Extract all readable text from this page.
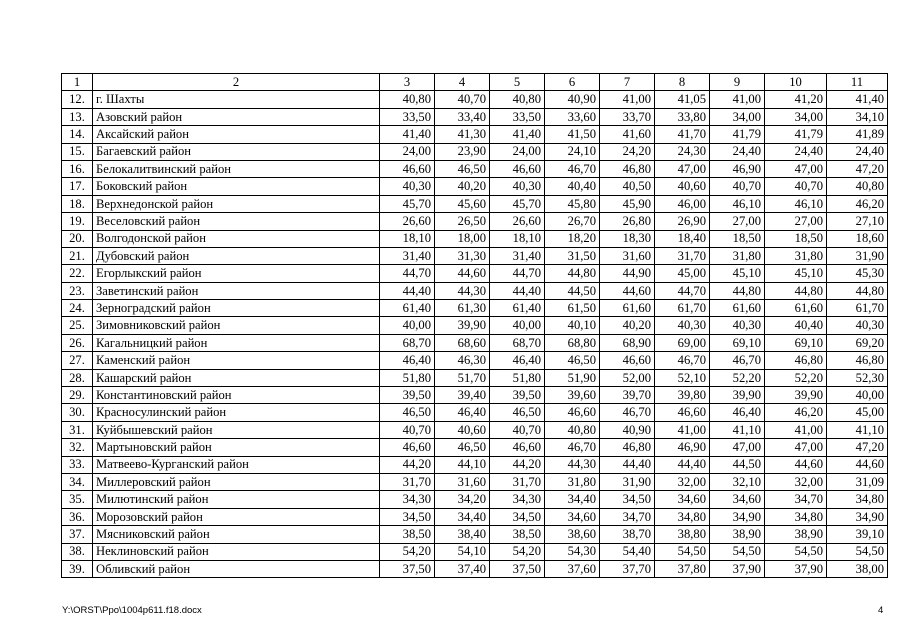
1	2	3	4	5	6	7	8	9	10	11
12.	г. Шахты	40,80	40,70	40,80	40,90	41,00	41,05	41,00	41,20	41,40
13.	Азовский район	33,50	33,40	33,50	33,60	33,70	33,80	34,00	34,00	34,10
14.	Аксайский район	41,40	41,30	41,40	41,50	41,60	41,70	41,79	41,79	41,89
15.	Багаевский район	24,00	23,90	24,00	24,10	24,20	24,30	24,40	24,40	24,40
16.	Белокалитвинский район	46,60	46,50	46,60	46,70	46,80	47,00	46,90	47,00	47,20
17.	Боковский район	40,30	40,20	40,30	40,40	40,50	40,60	40,70	40,70	40,80
18.	Верхнедонской район	45,70	45,60	45,70	45,80	45,90	46,00	46,10	46,10	46,20
19.	Веселовский район	26,60	26,50	26,60	26,70	26,80	26,90	27,00	27,00	27,10
20.	Волгодонской район	18,10	18,00	18,10	18,20	18,30	18,40	18,50	18,50	18,60
21.	Дубовский район	31,40	31,30	31,40	31,50	31,60	31,70	31,80	31,80	31,90
22.	Егорлыкский район	44,70	44,60	44,70	44,80	44,90	45,00	45,10	45,10	45,30
23.	Заветинский район	44,40	44,30	44,40	44,50	44,60	44,70	44,80	44,80	44,80
24.	Зерноградский район	61,40	61,30	61,40	61,50	61,60	61,70	61,60	61,60	61,70
25.	Зимовниковский район	40,00	39,90	40,00	40,10	40,20	40,30	40,30	40,40	40,30
26.	Кагальницкий район	68,70	68,60	68,70	68,80	68,90	69,00	69,10	69,10	69,20
27.	Каменский район	46,40	46,30	46,40	46,50	46,60	46,70	46,70	46,80	46,80
28.	Кашарский район	51,80	51,70	51,80	51,90	52,00	52,10	52,20	52,20	52,30
29.	Константиновский район	39,50	39,40	39,50	39,60	39,70	39,80	39,90	39,90	40,00
30.	Красносулинский район	46,50	46,40	46,50	46,60	46,70	46,60	46,40	46,20	45,00
31.	Куйбышевский район	40,70	40,60	40,70	40,80	40,90	41,00	41,10	41,00	41,10
32.	Мартыновский район	46,60	46,50	46,60	46,70	46,80	46,90	47,00	47,00	47,20
33.	Матвеево-Курганский район	44,20	44,10	44,20	44,30	44,40	44,40	44,50	44,60	44,60
34.	Миллеровский район	31,70	31,60	31,70	31,80	31,90	32,00	32,10	32,00	31,09
35.	Милютинский район	34,30	34,20	34,30	34,40	34,50	34,60	34,60	34,70	34,80
36.	Морозовский район	34,50	34,40	34,50	34,60	34,70	34,80	34,90	34,80	34,90
37.	Мясниковский район	38,50	38,40	38,50	38,60	38,70	38,80	38,90	38,90	39,10
38.	Неклиновский район	54,20	54,10	54,20	54,30	54,40	54,50	54,50	54,50	54,50
39.	Обливский район	37,50	37,40	37,50	37,60	37,70	37,80	37,90	37,90	38,00
Y:\ORST\Ppo\1004p611.f18.docx	4
